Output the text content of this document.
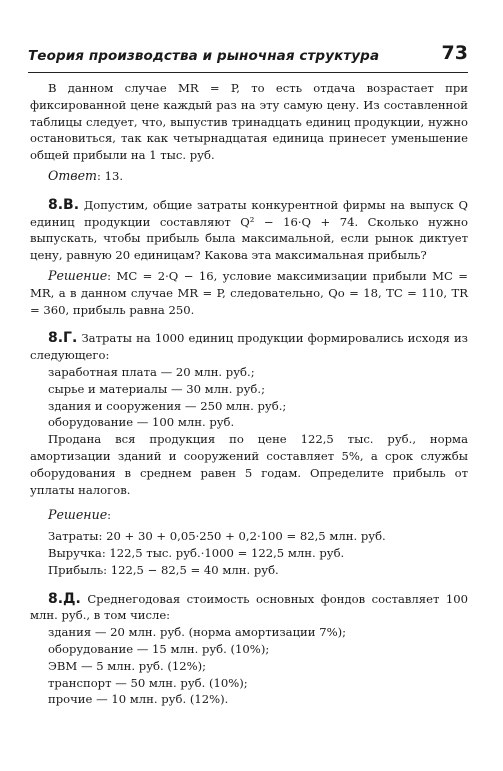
Теория производства и рыночная структура	73

В данном случае MR = P, то есть отдача возрастает при фиксированной цене каждый раз на эту самую цену. Из составленной таблицы следует, что, выпустив тринадцать единиц продукции, нужно остановиться, так как четырнадцатая единица принесет уменьшение общей прибыли на 1 тыс. руб.

Ответ: 13.

8.В. Допустим, общие затраты конкурентной фирмы на выпуск Q единиц продукции составляют Q² − 16·Q + 74. Сколько нужно выпускать, чтобы прибыль была максимальной, если рынок диктует цену, равную 20 единицам? Какова эта максимальная прибыль?

Решение: MC = 2·Q − 16, условие максимизации прибыли MC = MR, а в данном случае MR = P, следовательно, Qо = 18, TC = 110, TR = 360, прибыль равна 250.

8.Г. Затраты на 1000 единиц продукции формировались исходя из следующего:

заработная плата — 20 млн. руб.;
сырье и материалы — 30 млн. руб.;
здания и сооружения — 250 млн. руб.;
оборудование — 100 млн. руб.

Продана вся продукция по цене 122,5 тыс. руб., норма амортизации зданий и сооружений составляет 5%, а срок службы оборудования в среднем равен 5 годам. Определите прибыль от уплаты налогов.

Решение:

Затраты: 20 + 30 + 0,05·250 + 0,2·100 = 82,5 млн. руб.
Выручка: 122,5 тыс. руб.·1000 = 122,5 млн. руб.
Прибыль: 122,5 − 82,5 = 40 млн. руб.

8.Д. Среднегодовая стоимость основных фондов составляет 100 млн. руб., в том числе:

здания — 20 млн. руб. (норма амортизации 7%);
оборудование — 15 млн. руб. (10%);
ЭВМ — 5 млн. руб. (12%);
транспорт — 50 млн. руб. (10%);
прочие — 10 млн. руб. (12%).
